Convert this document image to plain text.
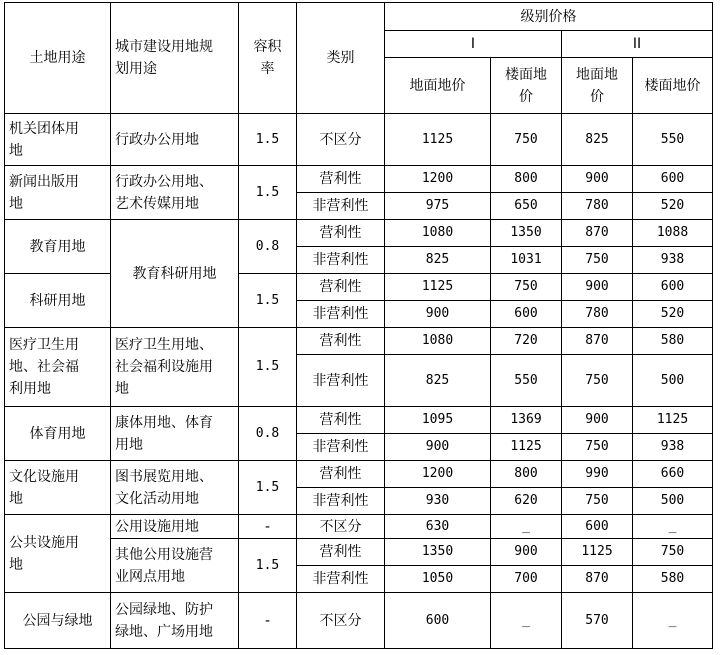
土地用途	城市建设用地规
划用途	容积
率	类别	级别价格			
				I		II	
				地面地价	楼面地
价	地面地
价	楼面地价
机关团体用
地	行政办公用地	1.5	不区分	1125	750	825	550
新闻出版用
地	行政办公用地、
艺术传媒用地	1.5	营利性	1200	800	900	600
			非营利性	975	650	780	520
教育用地	教育科研用地	0.8	营利性	1080	1350	870	1088
			非营利性	825	1031	750	938
科研用地		1.5	营利性	1125	750	900	600
			非营利性	900	600	780	520
医疗卫生用
地、社会福
利用地	医疗卫生用地、
社会福利设施用
地	1.5	营利性	1080	720	870	580
			非营利性	825	550	750	500
体育用地	康体用地、体育
用地	0.8	营利性	1095	1369	900	1125
			非营利性	900	1125	750	938
文化设施用
地	图书展览用地、
文化活动用地	1.5	营利性	1200	800	990	660
			非营利性	930	620	750	500
公共设施用
地	公用设施用地	-	不区分	630	_	600	_
	其他公用设施营
业网点用地	1.5	营利性	1350	900	1125	750
			非营利性	1050	700	870	580
公园与绿地	公园绿地、防护
绿地、广场用地	-	不区分	600	_	570	_
